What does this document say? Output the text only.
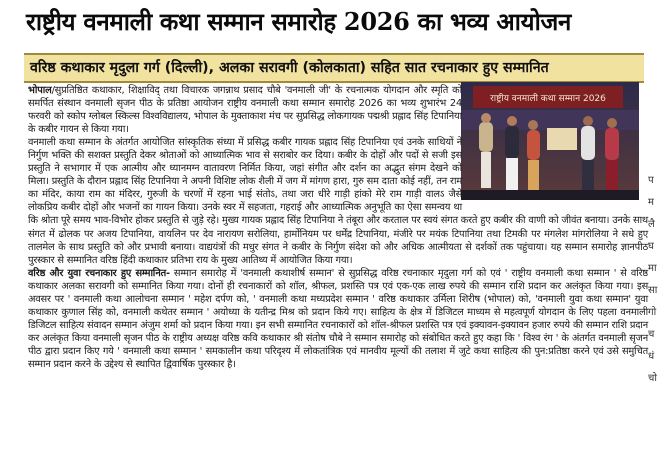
राष्ट्रीय वनमाली कथा सम्मान समारोह 2026 का भव्य आयोजन
वरिष्ठ कथाकार मृदुला गर्ग (दिल्ली), अलका सरावगी (कोलकाता) सहित सात रचनाकार हुए सम्मानित
राष्ट्रीय वनमाली कथा सम्मान 2026

भोपाल/सुप्रतिष्ठित कथाकार, शिक्षाविद् तथा विचारक जगन्नाथ प्रसाद चौबे 'वनमाली जी' के रचनात्मक योगदान और स्मृति को समर्पित संस्थान वनमाली सृजन पीठ के प्रतिष्ठा आयोजन राष्ट्रीय वनमाली कथा सम्मान समारोह 2026 का भव्य शुभारंभ 24 फरवरी को स्कोप ग्लोबल स्किल्स विश्वविद्यालय, भोपाल के मुक्ताकाश मंच पर सुप्रसिद्ध लोकगायक पद्मश्री प्रह्लाद सिंह टिपानिया के कबीर गायन से किया गया।

वनमाली कथा सम्मान के अंतर्गत आयोजित सांस्कृतिक संध्या में प्रसिद्ध कबीर गायक प्रह्लाद सिंह टिपानिया एवं उनके साथियों ने निर्गुण भक्ति की सशक्त प्रस्तुति देकर श्रोताओं को आध्यात्मिक भाव से सराबोर कर दिया। कबीर के दोहों और पदों से सजी इस प्रस्तुति ने सभागार में एक आत्मीय और ध्यानमग्न वातावरण निर्मित किया, जहां संगीत और दर्शन का अद्भुत संगम देखने को मिला। प्रस्तुति के दौरान प्रह्लाद सिंह टिपानिया ने अपनी विशिष्ट लोक शैली में जग में मांगण हारा, गुरु सम दाता कोई नहीं, तन राम का मंदिर, काया राम का मंदिरर, गुरुजी के चरणों में रहना भाई संतोऽ, तथा जरा धीरे गाड़ी हांको मेरे राम गाड़ी वालऽ जैसे लोकप्रिय कबीर दोहों और भजनों का गायन किया। उनके स्वर में सहजता, गहराई और आध्यात्मिक अनुभूति का ऐसा समन्वय था कि श्रोता पूरे समय भाव-विभोर होकर प्रस्तुति से जुड़े रहे। मुख्य गायक प्रह्लाद सिंह टिपानिया ने तंबूरा और करताल पर स्वयं संगत करते हुए कबीर की वाणी को जीवंत बनाया। उनके साथ संगत में ढोलक पर अजय टिपानिया, वायलिन पर देव नारायण सरोलिया, हार्मोनियम पर धर्मेंद्र टिपानिया, मंजीरे पर मयंक टिपानिया तथा टिमकी पर मंगलेश मांगरोलिया ने सधे हुए तालमेल के साथ प्रस्तुति को और प्रभावी बनाया। वाद्ययंत्रों की मधुर संगत ने कबीर के निर्गुण संदेश को और अधिक आत्मीयता से दर्शकों तक पहुंचाया। यह सम्मान समारोह ज्ञानपीठ पुरस्कार से सम्मानित वरिष्ठ हिंदी कथाकार प्रतिभा राय के मुख्य आतिथ्य में आयोजित किया गया।

वरिष्ठ और युवा रचनाकार हुए सम्मानित- सम्मान समारोह में 'वनमाली कथाशीर्ष सम्मान' से सुप्रसिद्ध वरिष्ठ रचनाकार मृदुला गर्ग को एवं ' राष्ट्रीय वनमाली कथा सम्मान ' से वरिष्ठ कथाकार अलका सरावगी को सम्मानित किया गया। दोनों ही रचनाकारों को शॉल, श्रीफल, प्रशस्ति पत्र एवं एक-एक लाख रुपये की सम्मान राशि प्रदान कर अलंकृत किया गया। इस अवसर पर ' वनमाली कथा आलोचना सम्मान ' महेश दर्पण को, ' वनमाली कथा मध्यप्रदेश सम्मान ' वरिष्ठ कथाकार उर्मिला शिरीष (भोपाल) को, 'वनमाली युवा कथा सम्मान' युवा कथाकार कुणाल सिंह को, वनमाली कथेतर सम्मान ' अयोध्या के यतीन्द्र मिश्र को प्रदान किये गए। साहित्य के क्षेत्र में डिजिटल माध्यम से महत्वपूर्ण योगदान के लिए पहला वनमाली डिजिटल साहित्य संवादन सम्मान अंजुम शर्मा को प्रदान किया गया। इन सभी सम्मानित रचनाकारों को शॉल-श्रीफल प्रशस्ति पत्र एवं इक्यावन-इक्यावन हजार रुपये की सम्मान राशि प्रदान कर अलंकृत किया वनमाली सृजन पीठ के राष्ट्रीय अध्यक्ष वरिष्ठ कवि कथाकार श्री संतोष चौबे ने सम्मान समारोह को संबोधित करते हुए कहा कि ' विश्व रंग ' के अंतर्गत वनमाली सृजन पीठ द्वारा प्रदान किए गये ' वनमाली कथा सम्मान ' समकालीन कथा परिदृश्य में लोकतांत्रिक एवं मानवीय मूल्यों की तलाश में जुटे कथा साहित्य की पुन:प्रतिष्ठा करने एवं उसे समुचित सम्मान प्रदान करने के उद्देश्य से स्थापित द्विवार्षिक पुरस्कार है।

प म लै घ मा सा गो च धं चो
